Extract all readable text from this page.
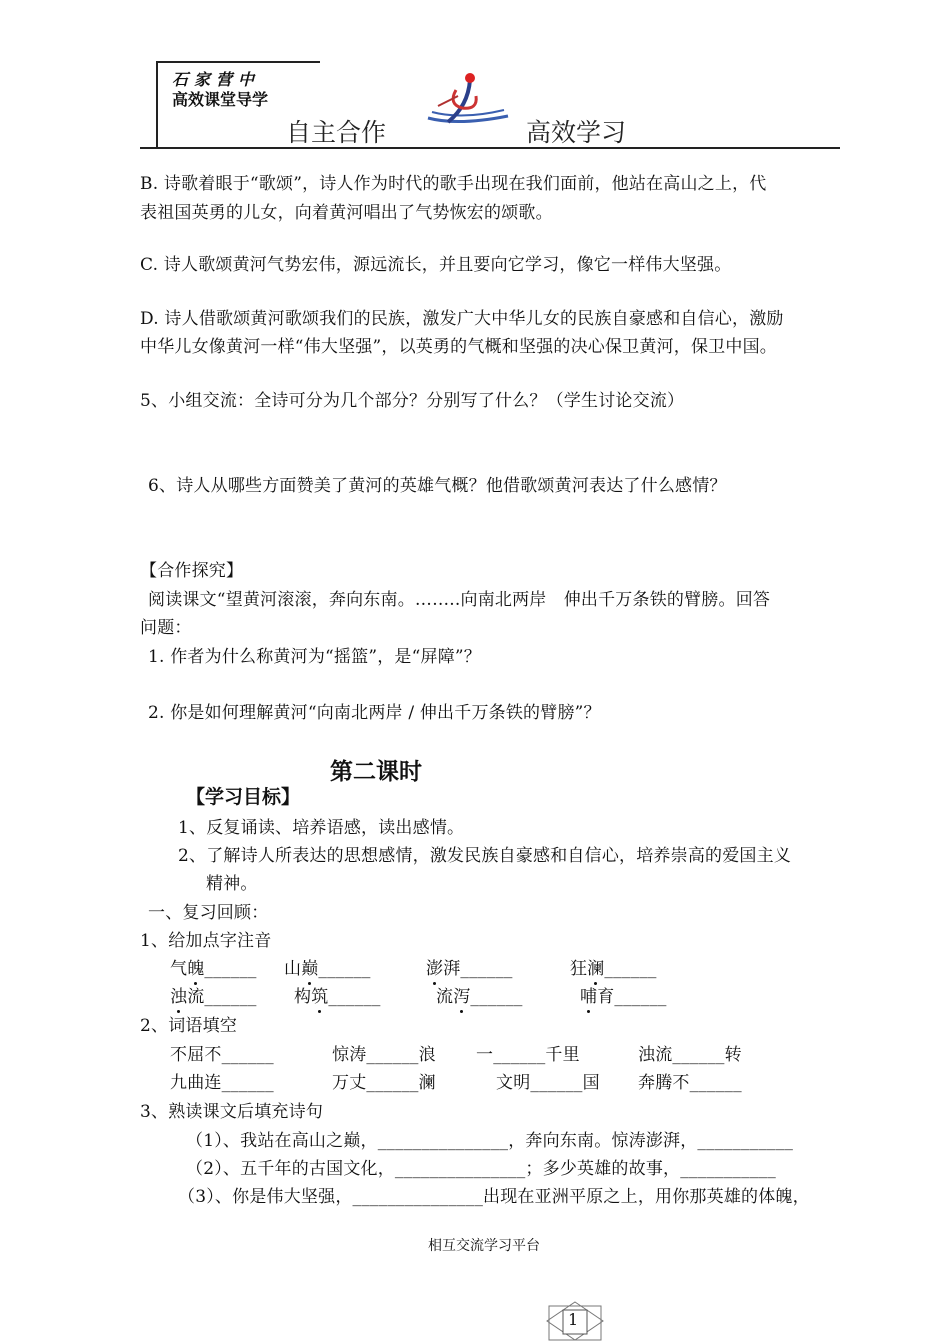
石家营中
高效课堂导学
自主合作	高效学习
B. 诗歌着眼于“歌颂”，诗人作为时代的歌手出现在我们面前，他站在高山之上，代
表祖国英勇的儿女，向着黄河唱出了气势恢宏的颂歌。
C. 诗人歌颂黄河气势宏伟，源远流长，并且要向它学习，像它一样伟大坚强。
D. 诗人借歌颂黄河歌颂我们的民族，激发广大中华儿女的民族自豪感和自信心，激励
中华儿女像黄河一样“伟大坚强”，以英勇的气概和坚强的决心保卫黄河，保卫中国。
5、小组交流：全诗可分为几个部分？分别写了什么？（学生讨论交流）
6、诗人从哪些方面赞美了黄河的英雄气概？他借歌颂黄河表达了什么感情？
【合作探究】
阅读课文“望黄河滚滚，奔向东南。……..向南北两岸　伸出千万条铁的臂膀。回答
问题：
1. 作者为什么称黄河为“摇篮”，是“屏障”？
2. 你是如何理解黄河“向南北两岸 / 伸出千万条铁的臂膀”？
第二课时
【学习目标】
1、反复诵读、培养语感，读出感情。
2、了解诗人所表达的思想感情，激发民族自豪感和自信心，培养崇高的爱国主义
精神。
一、复习回顾：
1、给加点字注音
气魄______ 山巅______	澎湃______	狂澜______
浊流______ 构筑______	流泻______	哺育______
2、词语填空
不屈不______	惊涛______浪 一______千里	浊流______转
九曲连______	万丈______澜	文明______国 奔腾不______
3、熟读课文后填充诗句
（1）、我站在高山之巅，_______________，奔向东南。惊涛澎湃，___________
（2）、五千年的古国文化，_______________；多少英雄的故事，___________
（3）、你是伟大坚强，_______________出现在亚洲平原之上，用你那英雄的体魄，
相互交流学习平台
1
